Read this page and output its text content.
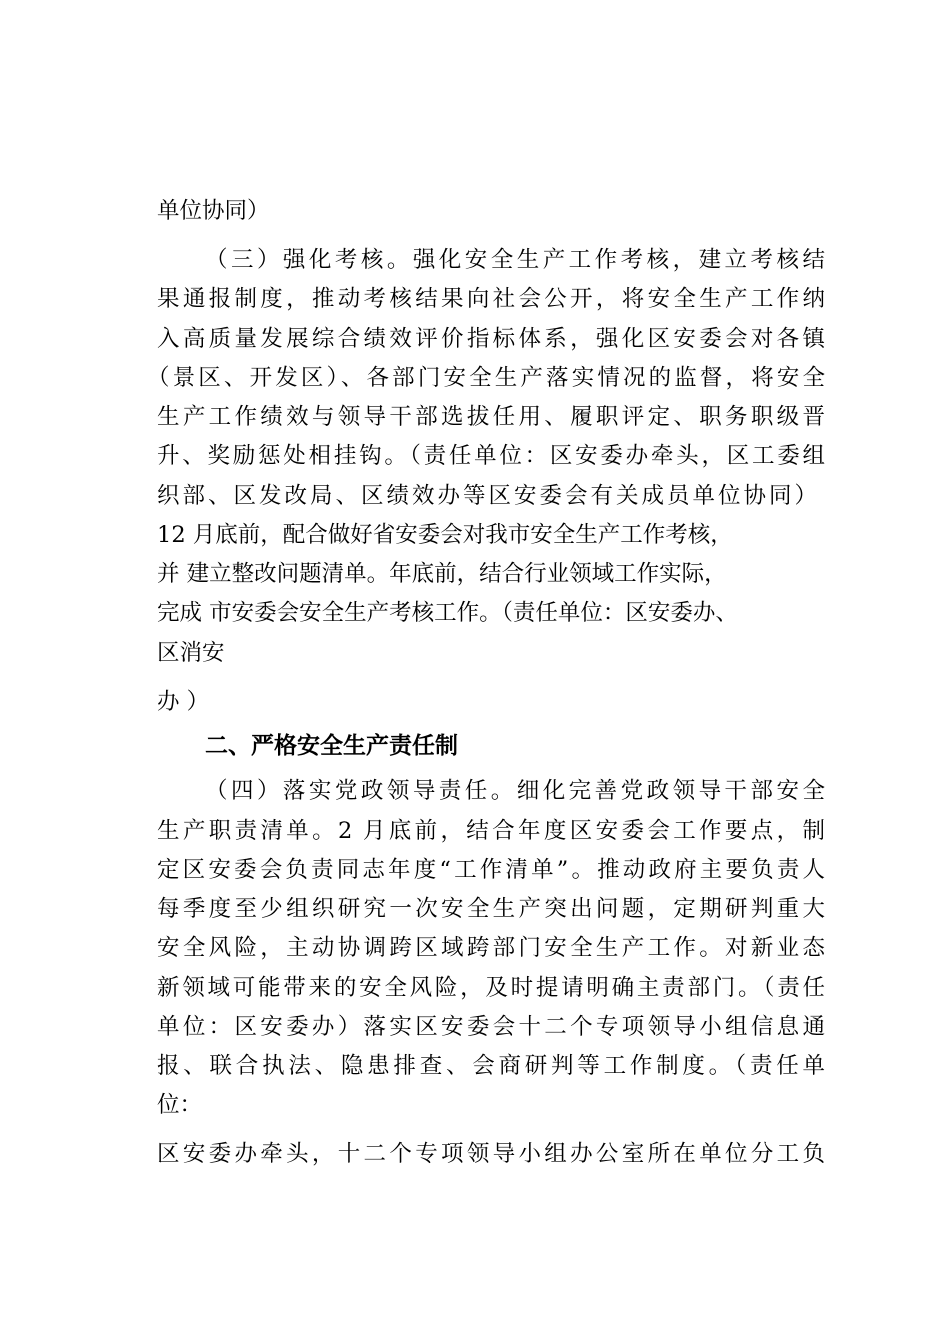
单位协同）

（三）强化考核。强化安全生产工作考核，建立考核结

果通报制度，推动考核结果向社会公开，将安全生产工作纳

入高质量发展综合绩效评价指标体系，强化区安委会对各镇

（景区、开发区）、各部门安全生产落实情况的监督，将安全

生产工作绩效与领导干部选拔任用、履职评定、职务职级晋

升、奖励惩处相挂钩。（责任单位：区安委办牵头，区工委组

织部、区发改局、区绩效办等区安委会有关成员单位协同）

12 月底前，配合做好省安委会对我市安全生产工作考核，

并 建立整改问题清单。年底前，结合行业领域工作实际，

完成 市安委会安全生产考核工作。（责任单位：区安委办、

区消安

办 ）

二、严格安全生产责任制

（四）落实党政领导责任。细化完善党政领导干部安全

生产职责清单。2 月底前，结合年度区安委会工作要点，制

定区安委会负责同志年度“工作清单”。推动政府主要负责人

每季度至少组织研究一次安全生产突出问题，定期研判重大

安全风险，主动协调跨区域跨部门安全生产工作。对新业态

新领域可能带来的安全风险，及时提请明确主责部门。（责任

单位：区安委办）落实区安委会十二个专项领导小组信息通

报、联合执法、隐患排查、会商研判等工作制度。（责任单

位：

区安委办牵头，十二个专项领导小组办公室所在单位分工负
